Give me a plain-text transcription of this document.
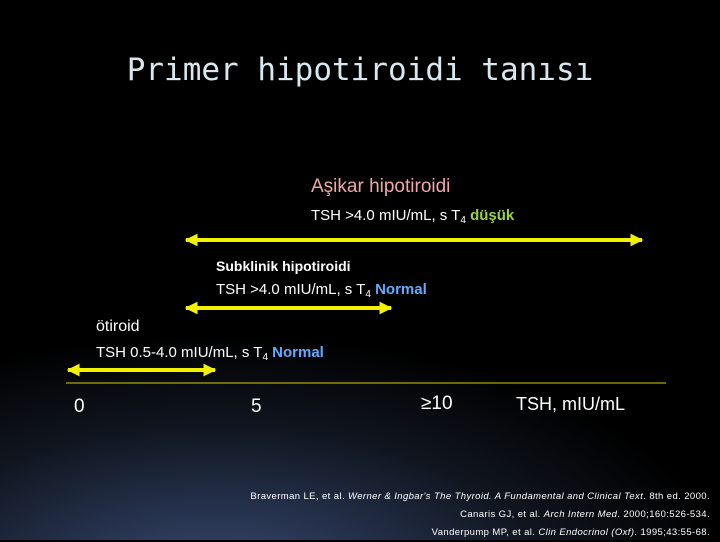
Primer hipotiroidi tanısı
Aşikar hipotiroidi
TSH >4.0 mIU/mL, s $T_4$ düşük
Subklinik hipotiroidi
TSH >4.0 mIU/mL, s $T_4$ Normal
ötiroid
TSH 0.5-4.0 mIU/mL, s $T_4$ Normal
0	5	≥10	TSH, mIU/mL
Braverman LE, et al. Werner & Ingbar's The Thyroid. A Fundamental and Clinical Text. 8th ed. 2000.
Canaris GJ, et al. Arch Intern Med. 2000;160:526-534.
Vanderpump MP, et al. Clin Endocrinol (Oxf). 1995;43:55-68.
